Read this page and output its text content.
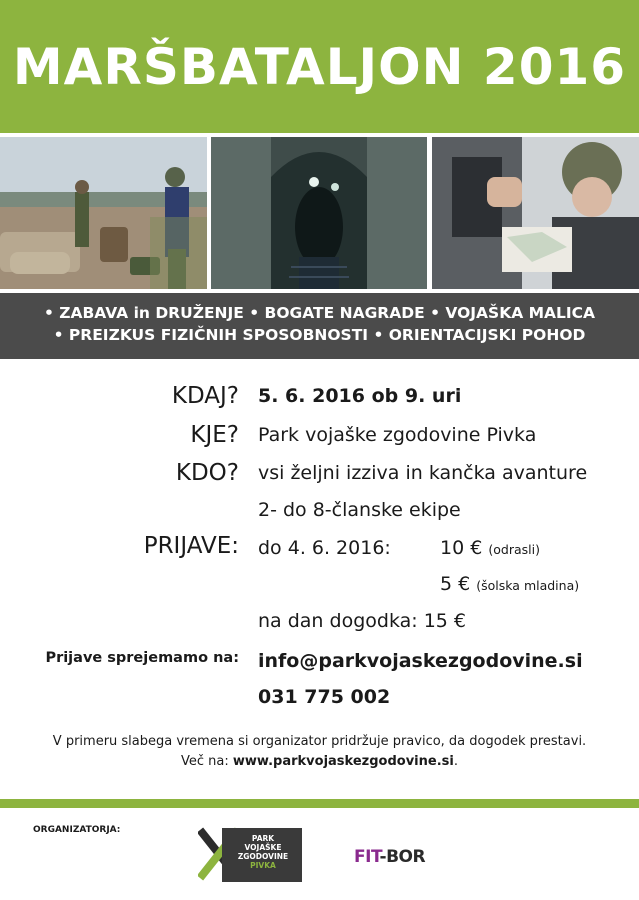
MARŠBATALJON 2016
• ZABAVA in DRUŽENJE • BOGATE NAGRADE • VOJAŠKA MALICA
• PREIZKUS FIZIČNIH SPOSOBNOSTI • ORIENTACIJSKI POHOD
KDAJ? 5. 6. 2016 ob 9. uri
KJE? Park vojaške zgodovine Pivka
KDO? vsi željni izziva in kančka avanture
2- do 8-članske ekipe
PRIJAVE: do 4. 6. 2016:	10 € (odrasli)
5 € (šolska mladina)
na dan dogodka: 15 €
Prijave sprejemamo na: info@parkvojaskezgodovine.si
031 775 002
V primeru slabega vremena si organizator pridržuje pravico, da dogodek prestavi.
Več na: www.parkvojaskezgodovine.si.
ORGANIZATORJA:
PARK
VOJAŠKE
ZGODOVINE
PIVKA	FIT-BOR
